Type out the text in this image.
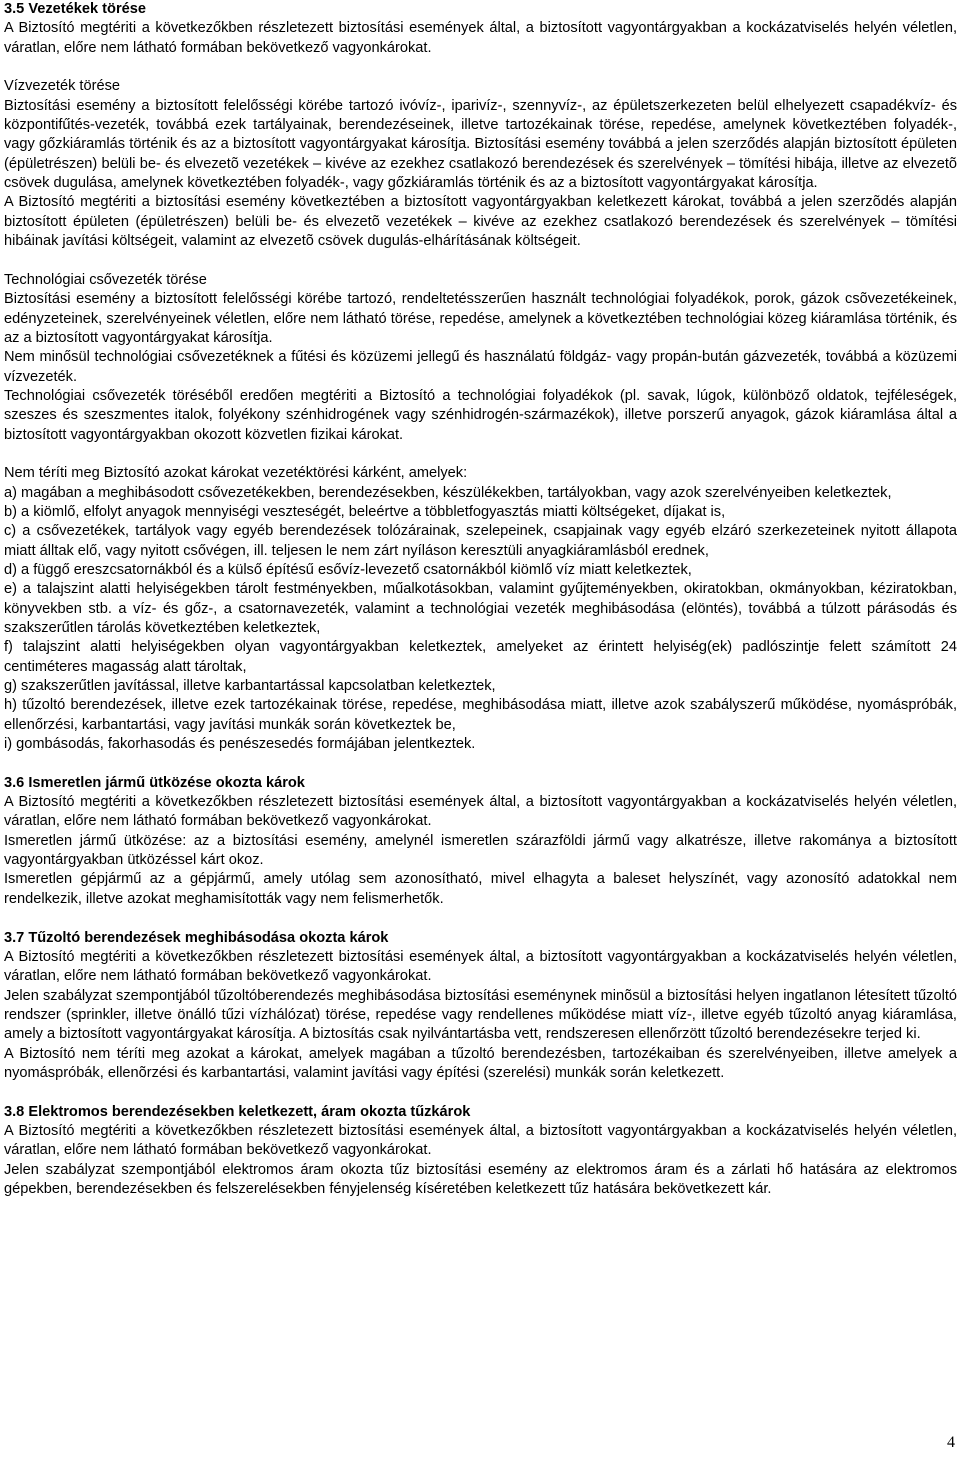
3.5 Vezetékek törése

A Biztosító megtériti a következőkben részletezett biztosítási események által, a biztosított vagyontárgyakban a kockázatviselés helyén véletlen, váratlan, előre nem látható formában bekövetkező vagyonkárokat.

Vízvezeték törése

Biztosítási esemény a biztosított felelősségi körébe tartozó ivóvíz-, iparivíz-, szennyvíz-, az épületszerkezeten belül elhelyezett csapadékvíz- és központifűtés-vezeték, továbbá ezek tartályainak, berendezéseinek, illetve tartozékainak törése, repedése, amelynek következtében folyadék-, vagy gőzkiáramlás történik és az a biztosított vagyontárgyakat károsítja. Biztosítási esemény továbbá a jelen szerződés alapján biztosított épületen (épületrészen) belüli be- és elvezetõ vezetékek – kivéve az ezekhez csatlakozó berendezések és szerelvények – tömítési hibája, illetve az elvezetõ csövek dugulása, amelynek következtében folyadék-, vagy gőzkiáramlás történik és az a biztosított vagyontárgyakat károsítja.

A Biztosító megtériti a biztosítási esemény következtében a biztosított vagyontárgyakban keletkezett károkat, továbbá a jelen szerzõdés alapján biztosított épületen (épületrészen) belüli be- és elvezetõ vezetékek – kivéve az ezekhez csatlakozó berendezések és szerelvények – tömítési hibáinak javítási költségeit, valamint az elvezetõ csövek dugulás-elhárításának költségeit.

Technológiai csővezeték törése

Biztosítási esemény a biztosított felelősségi körébe tartozó, rendeltetésszerűen használt technológiai folyadékok, porok, gázok csõvezetékeinek, edényzeteinek, szerelvényeinek véletlen, előre nem látható törése, repedése, amelynek a következtében technológiai közeg kiáramlása történik, és az a biztosított vagyontárgyakat károsítja.

Nem minősül technológiai csővezetéknek a fűtési és közüzemi jellegű és használatú földgáz- vagy propán-bután gázvezeték, továbbá a közüzemi vízvezeték.

Technológiai csővezeték töréséből eredően megtériti a Biztosító a technológiai folyadékok (pl. savak, lúgok, különböző oldatok, tejféleségek, szeszes és szeszmentes italok, folyékony szénhidrogének vagy szénhidrogén-származékok), illetve porszerű anyagok, gázok kiáramlása által a biztosított vagyontárgyakban okozott közvetlen fizikai károkat.

Nem téríti meg Biztosító azokat károkat vezetéktörési kárként, amelyek:

a) magában a meghibásodott csővezetékekben, berendezésekben, készülékekben, tartályokban, vagy azok szerelvényeiben keletkeztek,

b) a kiömlő, elfolyt anyagok mennyiségi veszteségét, beleértve a többletfogyasztás miatti költségeket, díjakat is,

c) a csővezetékek, tartályok vagy egyéb berendezések tolózárainak, szelepeinek, csapjainak vagy egyéb elzáró szerkezeteinek nyitott állapota miatt álltak elő, vagy nyitott csővégen, ill. teljesen le nem zárt nyíláson keresztüli anyagkiáramlásból erednek,

d) a függő ereszcsatornákból és a külső építésű esővíz-levezető csatornákból kiömlő víz miatt keletkeztek,

e) a talajszint alatti helyiségekben tárolt festményekben, műalkotásokban, valamint gyűjteményekben, okiratokban, okmányokban, kéziratokban, könyvekben stb. a víz- és gőz-, a csatornavezeték, valamint a technológiai vezeték meghibásodása (elöntés), továbbá a túlzott párásodás és szakszerűtlen tárolás következtében keletkeztek,

f) talajszint alatti helyiségekben olyan vagyontárgyakban keletkeztek, amelyeket az érintett helyiség(ek) padlószintje felett számított 24 centiméteres magasság alatt tároltak,

g) szakszerűtlen javítással, illetve karbantartással kapcsolatban keletkeztek,

h) tűzoltó berendezések, illetve ezek tartozékainak törése, repedése, meghibásodása miatt, illetve azok szabályszerű működése, nyomáspróbák, ellenőrzési, karbantartási, vagy javítási munkák során következtek be,

i) gombásodás, fakorhasodás és penészesedés formájában jelentkeztek.

3.6 Ismeretlen jármű ütközése okozta károk

A Biztosító megtériti a következőkben részletezett biztosítási események által, a biztosított vagyontárgyakban a kockázatviselés helyén véletlen, váratlan, előre nem látható formában bekövetkező vagyonkárokat.

Ismeretlen jármű ütközése: az a biztosítási esemény, amelynél ismeretlen szárazföldi jármű vagy alkatrésze, illetve rakománya a biztosított vagyontárgyakban ütközéssel kárt okoz.

Ismeretlen gépjármű az a gépjármű, amely utólag sem azonosítható, mivel elhagyta a baleset helyszínét, vagy azonosító adatokkal nem rendelkezik, illetve azokat meghamisították vagy nem felismerhetők.

3.7 Tűzoltó berendezések meghibásodása okozta károk

A Biztosító megtériti a következőkben részletezett biztosítási események által, a biztosított vagyontárgyakban a kockázatviselés helyén véletlen, váratlan, előre nem látható formában bekövetkező vagyonkárokat.

Jelen szabályzat szempontjából tűzoltóberendezés meghibásodása biztosítási eseménynek minõsül a biztosítási helyen ingatlanon létesített tűzoltó rendszer (sprinkler, illetve önálló tűzi vízhálózat) törése, repedése vagy rendellenes működése miatt víz-, illetve egyéb tűzoltó anyag kiáramlása, amely a biztosított vagyontárgyakat károsítja. A biztosítás csak nyilvántartásba vett, rendszeresen ellenőrzött tűzoltó berendezésekre terjed ki.

A Biztosító nem téríti meg azokat a károkat, amelyek magában a tűzoltó berendezésben, tartozékaiban és szerelvényeiben, illetve amelyek a nyomáspróbák, ellenõrzési és karbantartási, valamint javítási vagy építési (szerelési) munkák során keletkezett.

3.8 Elektromos berendezésekben keletkezett, áram okozta tűzkárok

A Biztosító megtériti a következőkben részletezett biztosítási események által, a biztosított vagyontárgyakban a kockázatviselés helyén véletlen, váratlan, előre nem látható formában bekövetkező vagyonkárokat.

Jelen szabályzat szempontjából elektromos áram okozta tűz biztosítási esemény az elektromos áram és a zárlati hő hatására az elektromos gépekben, berendezésekben és felszerelésekben fényjelenség kíséretében keletkezett tűz hatására bekövetkezett kár.

4
